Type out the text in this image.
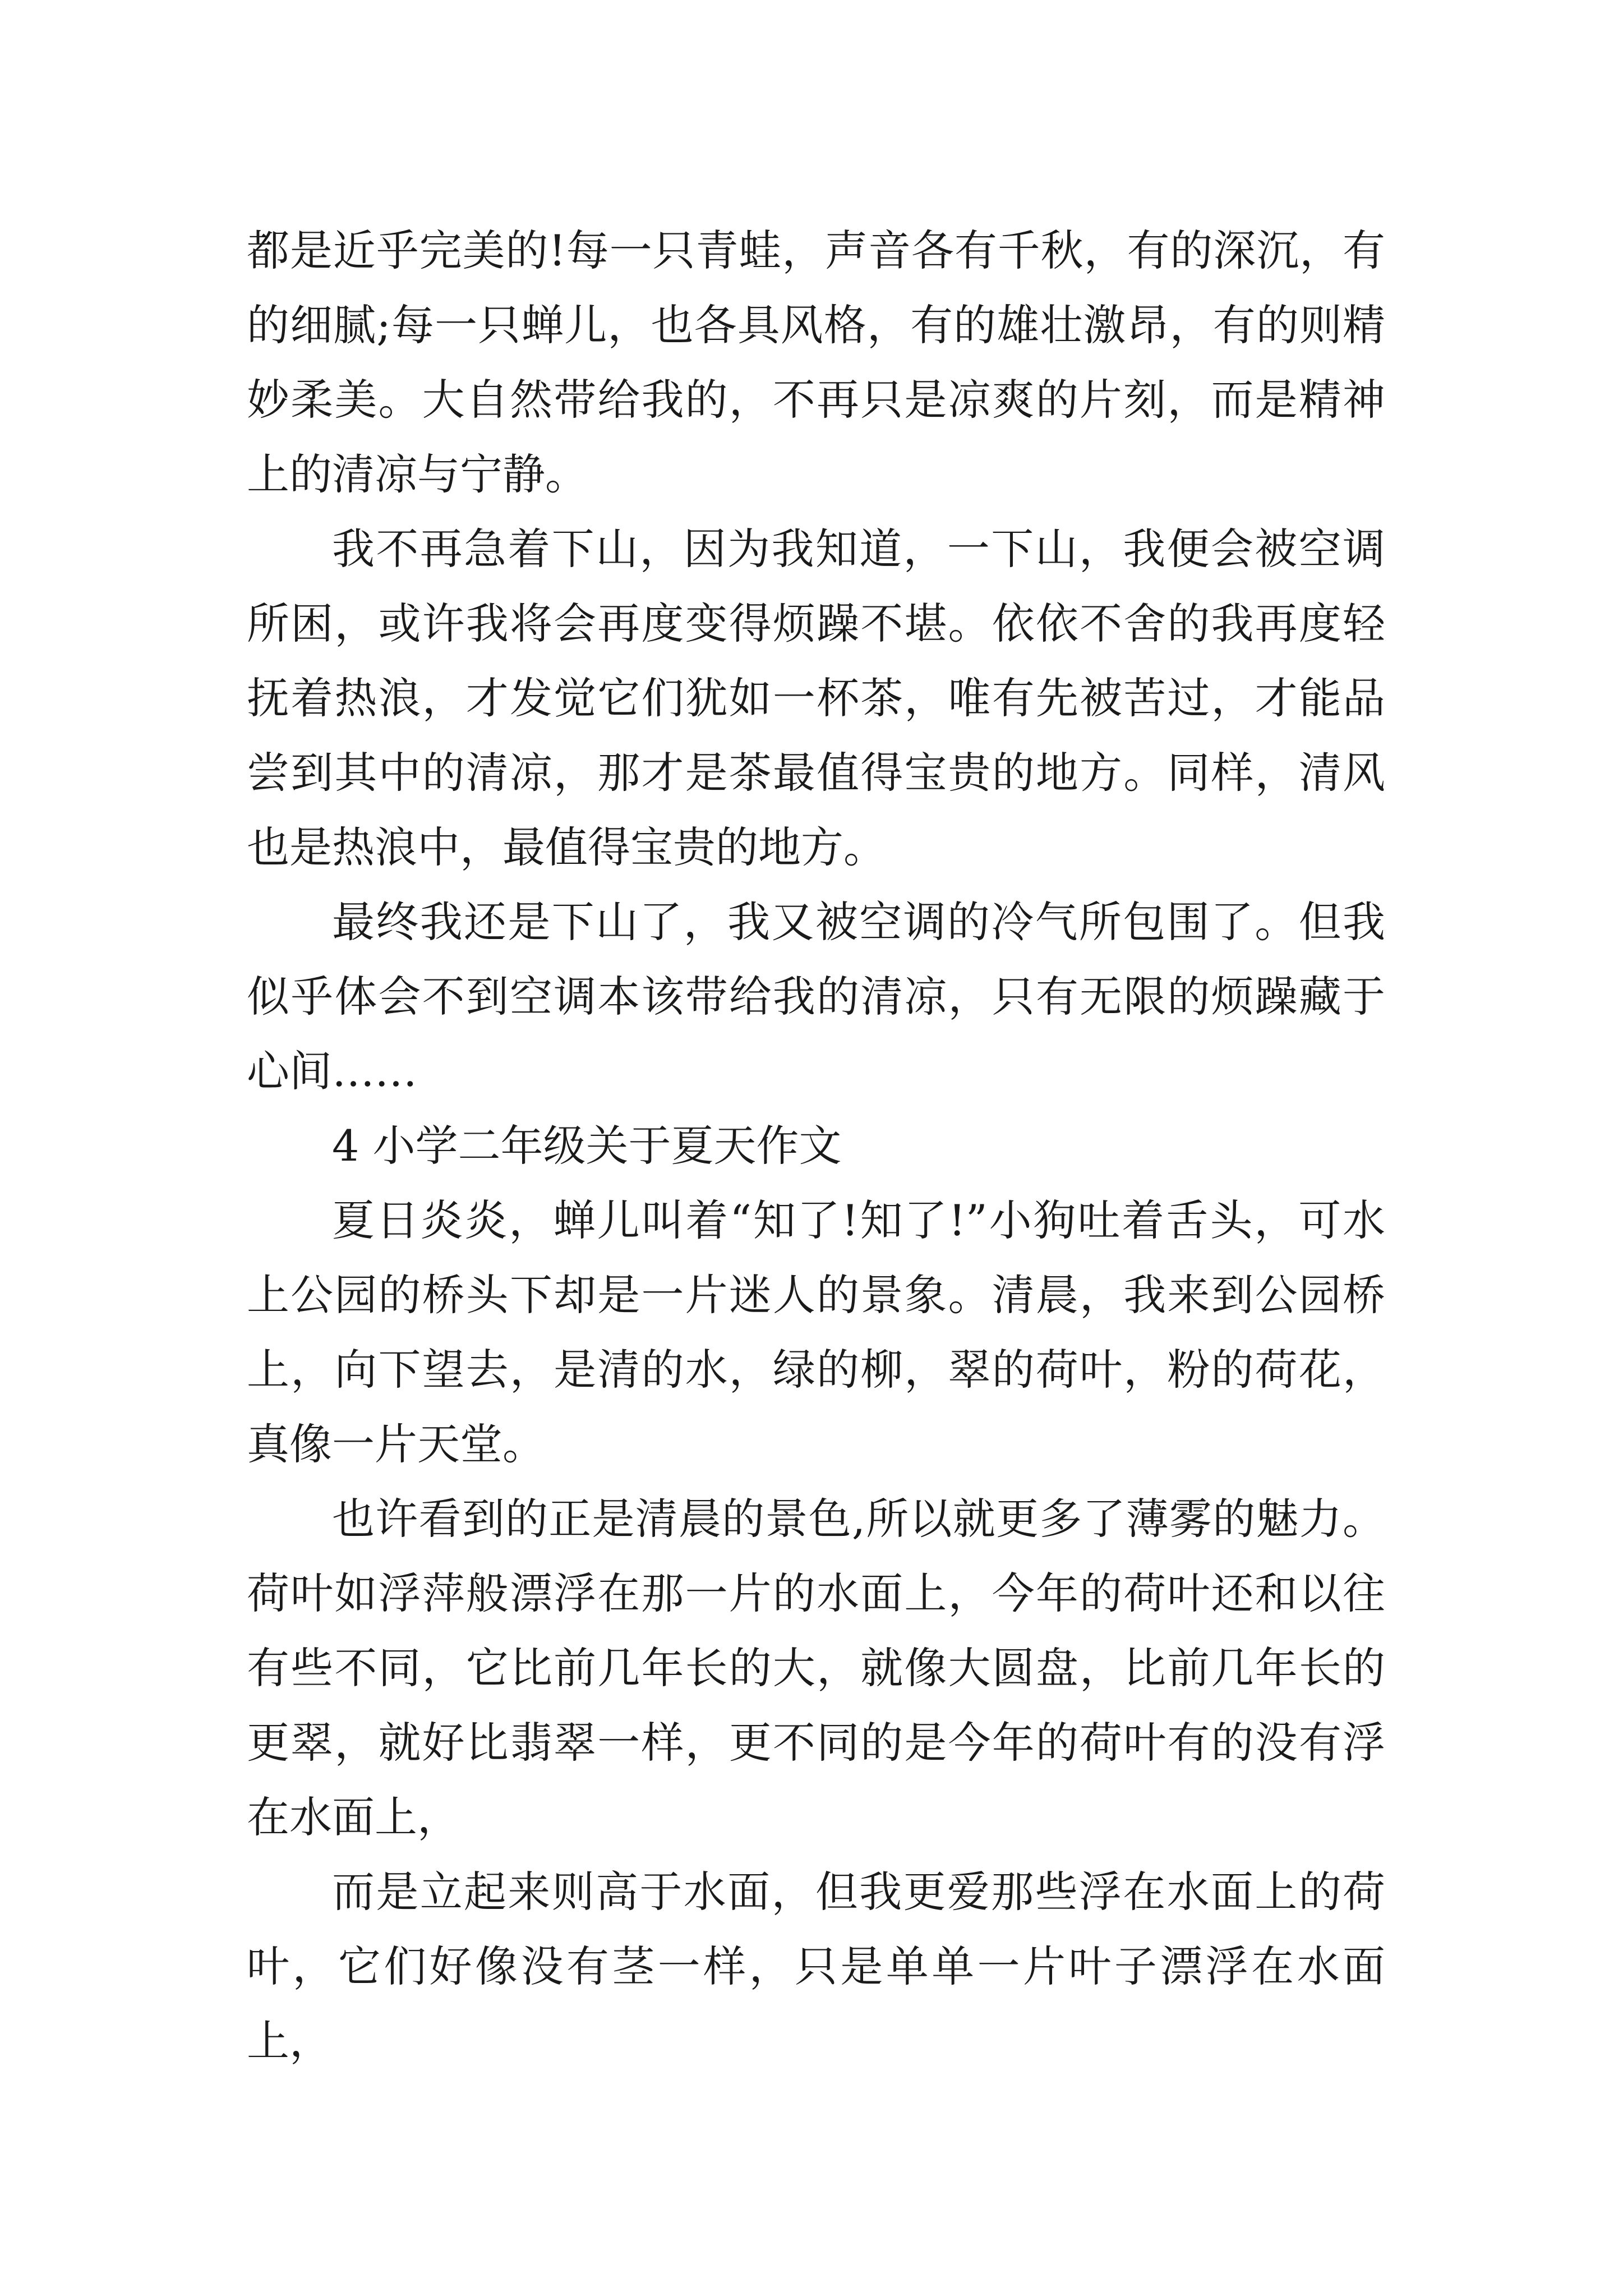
都是近乎完美的!每一只青蛙，声音各有千秋，有的深沉，有的细腻;每一只蝉儿，也各具风格，有的雄壮激昂，有的则精妙柔美。大自然带给我的，不再只是凉爽的片刻，而是精神上的清凉与宁静。

我不再急着下山，因为我知道，一下山，我便会被空调所困，或许我将会再度变得烦躁不堪。依依不舍的我再度轻抚着热浪，才发觉它们犹如一杯茶，唯有先被苦过，才能品尝到其中的清凉，那才是茶最值得宝贵的地方。同样，清风也是热浪中，最值得宝贵的地方。

最终我还是下山了，我又被空调的冷气所包围了。但我似乎体会不到空调本该带给我的清凉，只有无限的烦躁藏于心间……

4 小学二年级关于夏天作文

夏日炎炎，蝉儿叫着“知了!知了!”小狗吐着舌头，可水上公园的桥头下却是一片迷人的景象。清晨，我来到公园桥上，向下望去，是清的水，绿的柳，翠的荷叶，粉的荷花，真像一片天堂。

也许看到的正是清晨的景色,所以就更多了薄雾的魅力。荷叶如浮萍般漂浮在那一片的水面上，今年的荷叶还和以往有些不同，它比前几年长的大，就像大圆盘，比前几年长的更翠，就好比翡翠一样，更不同的是今年的荷叶有的没有浮在水面上，

而是立起来则高于水面，但我更爱那些浮在水面上的荷叶，它们好像没有茎一样，只是单单一片叶子漂浮在水面上，
